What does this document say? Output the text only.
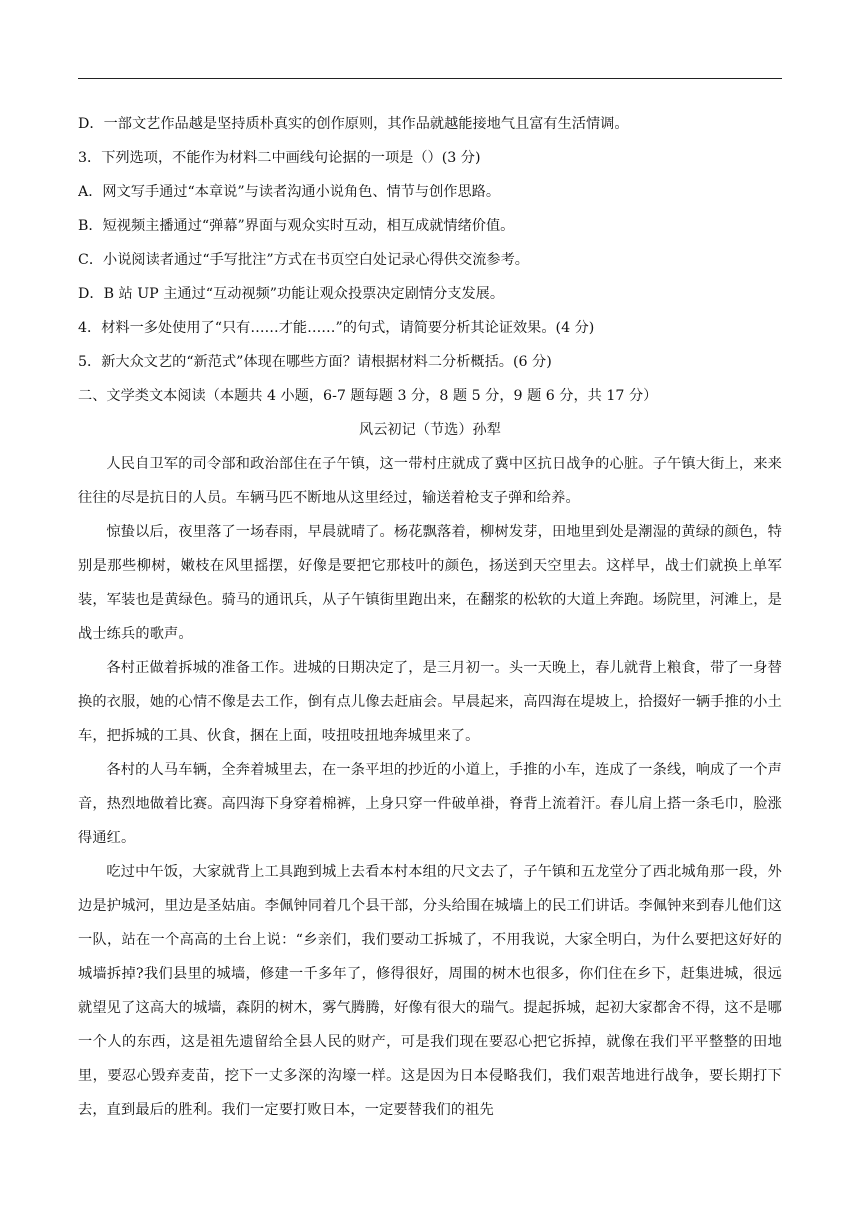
D．一部文艺作品越是坚持质朴真实的创作原则，其作品就越能接地气且富有生活情调。
3．下列选项，不能作为材料二中画线句论据的一项是（）(3 分)
A．网文写手通过“本章说”与读者沟通小说角色、情节与创作思路。
B．短视频主播通过“弹幕”界面与观众实时互动，相互成就情绪价值。
C．小说阅读者通过“手写批注”方式在书页空白处记录心得供交流参考。
D．B 站 UP 主通过“互动视频”功能让观众投票决定剧情分支发展。
4．材料一多处使用了“只有……才能……”的句式，请简要分析其论证效果。(4 分)
5．新大众文艺的“新范式”体现在哪些方面？请根据材料二分析概括。(6 分)
二、文学类文本阅读（本题共 4 小题，6-7 题每题 3 分，8 题 5 分，9 题 6 分，共 17 分）
风云初记（节选）孙犁

人民自卫军的司令部和政治部住在子午镇，这一带村庄就成了冀中区抗日战争的心脏。子午镇大街上，来来往往的尽是抗日的人员。车辆马匹不断地从这里经过，输送着枪支子弹和给养。

惊蛰以后，夜里落了一场春雨，早晨就晴了。杨花飘落着，柳树发芽，田地里到处是潮湿的黄绿的颜色，特别是那些柳树，嫩枝在风里摇摆，好像是要把它那枝叶的颜色，扬送到天空里去。这样早，战士们就换上单军装，军装也是黄绿色。骑马的通讯兵，从子午镇街里跑出来，在翻浆的松软的大道上奔跑。场院里，河滩上，是战士练兵的歌声。

各村正做着拆城的准备工作。进城的日期决定了，是三月初一。头一天晚上，春儿就背上粮食，带了一身替换的衣服，她的心情不像是去工作，倒有点儿像去赶庙会。早晨起来，高四海在堤坡上，拾掇好一辆手推的小土车，把拆城的工具、伙食，捆在上面，吱扭吱扭地奔城里来了。

各村的人马车辆，全奔着城里去，在一条平坦的抄近的小道上，手推的小车，连成了一条线，响成了一个声音，热烈地做着比赛。高四海下身穿着棉裤，上身只穿一件破单褂，脊背上流着汗。春儿肩上搭一条毛巾，脸涨得通红。

吃过中午饭，大家就背上工具跑到城上去看本村本组的尺文去了，子午镇和五龙堂分了西北城角那一段，外边是护城河，里边是圣姑庙。李佩钟同着几个县干部，分头给围在城墙上的民工们讲话。李佩钟来到春儿他们这一队，站在一个高高的土台上说：“乡亲们，我们要动工拆城了，不用我说，大家全明白，为什么要把这好好的城墙拆掉?我们县里的城墙，修建一千多年了，修得很好，周围的树木也很多，你们住在乡下，赶集进城，很远就望见了这高大的城墙，森阴的树木，雾气腾腾，好像有很大的瑞气。提起拆城，起初大家都舍不得，这不是哪一个人的东西，这是祖先遗留给全县人民的财产，可是我们现在要忍心把它拆掉，就像在我们平平整整的田地里，要忍心毁弃麦苗，挖下一丈多深的沟壕一样。这是因为日本侵略我们，我们艰苦地进行战争，要长期打下去，直到最后的胜利。我们一定要打败日本，一定要替我们的祖先
